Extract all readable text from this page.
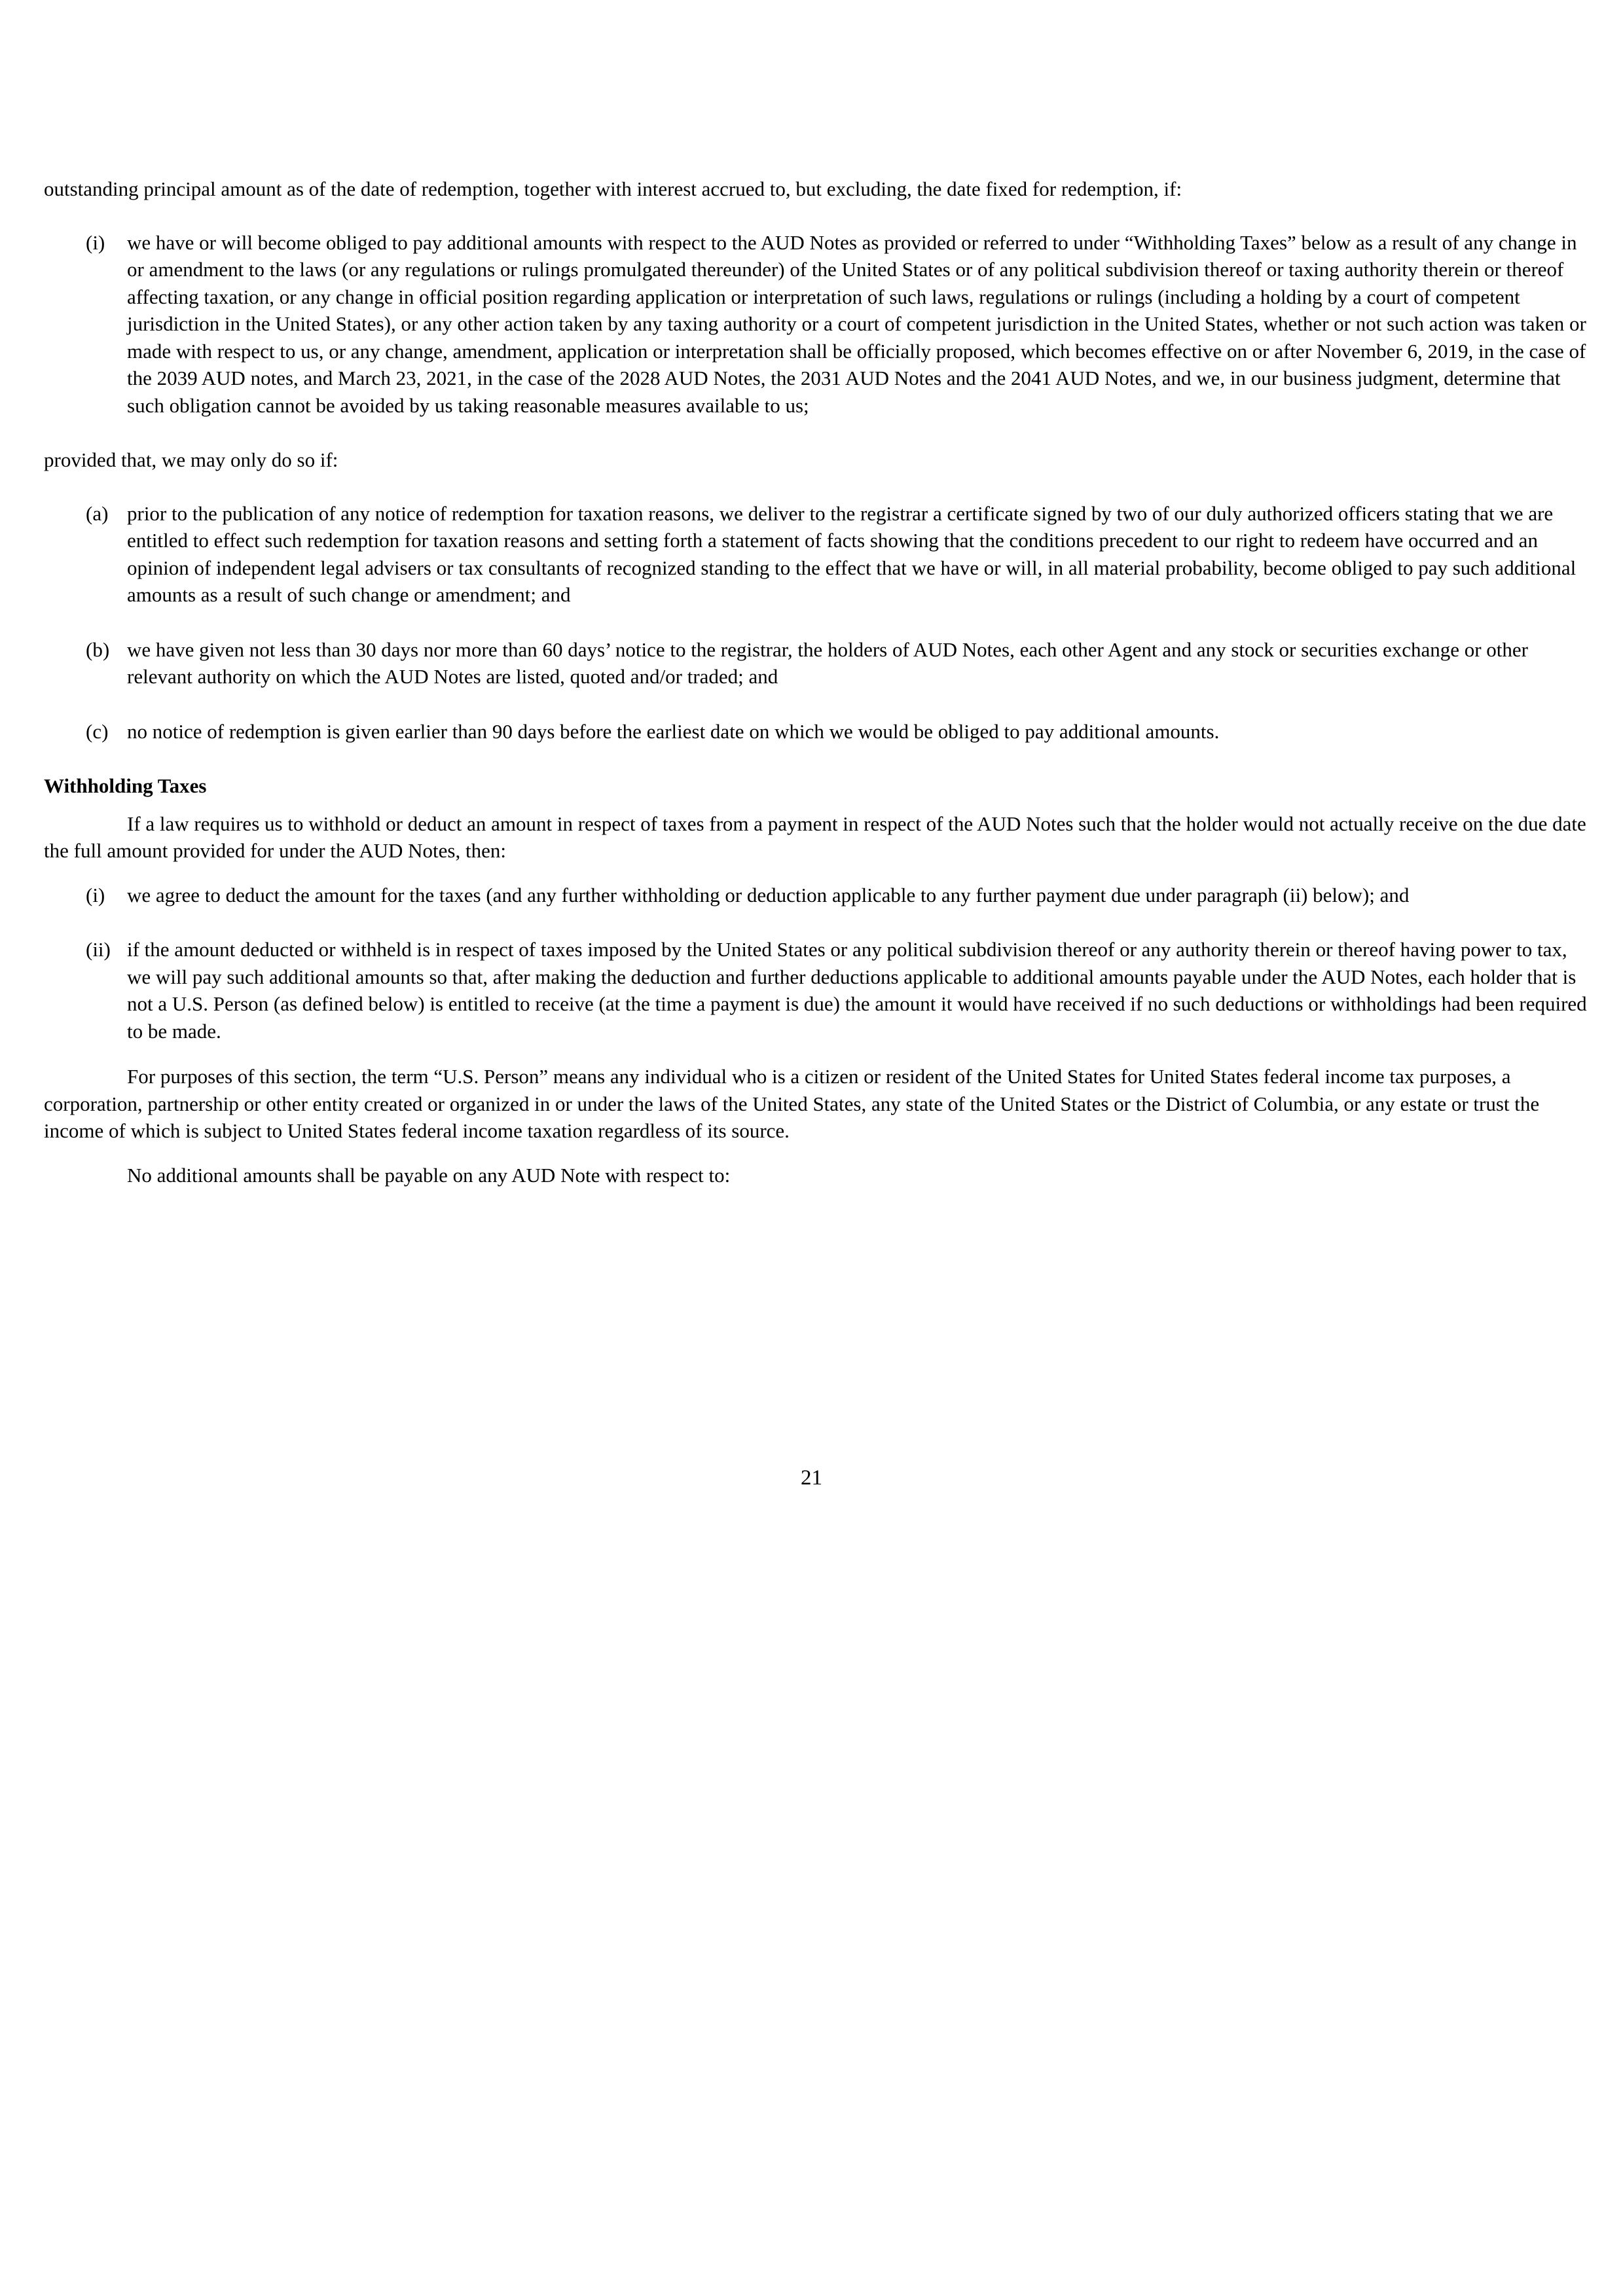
outstanding principal amount as of the date of redemption, together with interest accrued to, but excluding, the date fixed for redemption, if:

(i) we have or will become obliged to pay additional amounts with respect to the AUD Notes as provided or referred to under “Withholding Taxes” below as a result of any change in or amendment to the laws (or any regulations or rulings promulgated thereunder) of the United States or of any political subdivision thereof or taxing authority therein or thereof affecting taxation, or any change in official position regarding application or interpretation of such laws, regulations or rulings (including a holding by a court of competent jurisdiction in the United States), or any other action taken by any taxing authority or a court of competent jurisdiction in the United States, whether or not such action was taken or made with respect to us, or any change, amendment, application or interpretation shall be officially proposed, which becomes effective on or after November 6, 2019, in the case of the 2039 AUD notes, and March 23, 2021, in the case of the 2028 AUD Notes, the 2031 AUD Notes and the 2041 AUD Notes, and we, in our business judgment, determine that such obligation cannot be avoided by us taking reasonable measures available to us;

provided that, we may only do so if:

(a) prior to the publication of any notice of redemption for taxation reasons, we deliver to the registrar a certificate signed by two of our duly authorized officers stating that we are entitled to effect such redemption for taxation reasons and setting forth a statement of facts showing that the conditions precedent to our right to redeem have occurred and an opinion of independent legal advisers or tax consultants of recognized standing to the effect that we have or will, in all material probability, become obliged to pay such additional amounts as a result of such change or amendment; and
(b) we have given not less than 30 days nor more than 60 days’ notice to the registrar, the holders of AUD Notes, each other Agent and any stock or securities exchange or other relevant authority on which the AUD Notes are listed, quoted and/or traded; and
(c) no notice of redemption is given earlier than 90 days before the earliest date on which we would be obliged to pay additional amounts.

Withholding Taxes

If a law requires us to withhold or deduct an amount in respect of taxes from a payment in respect of the AUD Notes such that the holder would not actually receive on the due date the full amount provided for under the AUD Notes, then:

(i) we agree to deduct the amount for the taxes (and any further withholding or deduction applicable to any further payment due under paragraph (ii) below); and
(ii) if the amount deducted or withheld is in respect of taxes imposed by the United States or any political subdivision thereof or any authority therein or thereof having power to tax, we will pay such additional amounts so that, after making the deduction and further deductions applicable to additional amounts payable under the AUD Notes, each holder that is not a U.S. Person (as defined below) is entitled to receive (at the time a payment is due) the amount it would have received if no such deductions or withholdings had been required to be made.

For purposes of this section, the term “U.S. Person” means any individual who is a citizen or resident of the United States for United States federal income tax purposes, a corporation, partnership or other entity created or organized in or under the laws of the United States, any state of the United States or the District of Columbia, or any estate or trust the income of which is subject to United States federal income taxation regardless of its source.

No additional amounts shall be payable on any AUD Note with respect to:

21
